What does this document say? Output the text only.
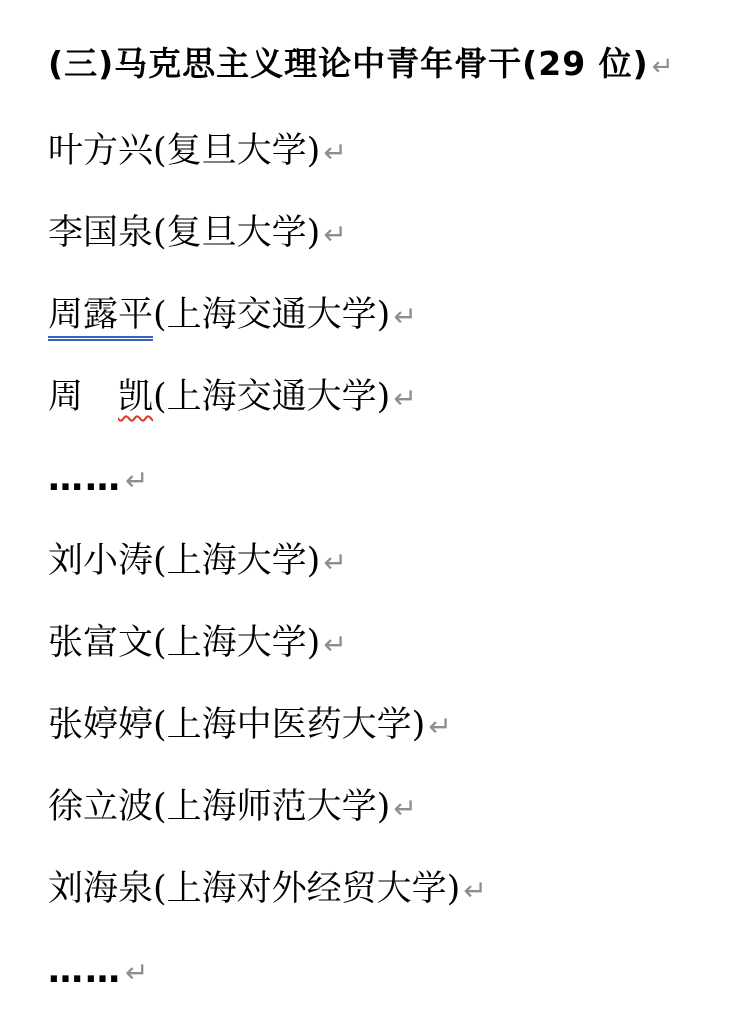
(三)马克思主义理论中青年骨干(29 位) ↵

叶方兴(复旦大学) ↵

李国泉(复旦大学) ↵

周露平(上海交通大学) ↵

周　凯(上海交通大学) ↵

…… ↵

刘小涛(上海大学) ↵

张富文(上海大学) ↵

张婷婷(上海中医药大学) ↵

徐立波(上海师范大学) ↵

刘海泉(上海对外经贸大学) ↵

…… ↵
